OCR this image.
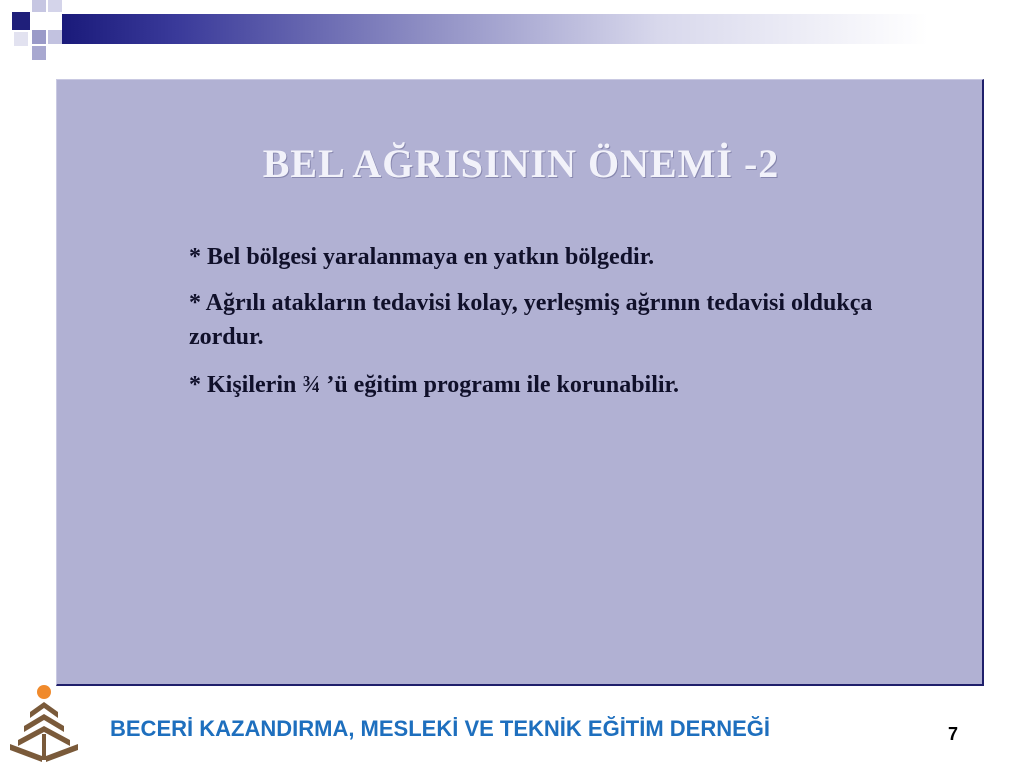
BEL AĞRISININ ÖNEMİ -2
* Bel bölgesi yaralanmaya en yatkın bölgedir.
* Ağrılı atakların tedavisi kolay, yerleşmiş ağrının tedavisi oldukça zordur.
* Kişilerin ¾ ’ü eğitim programı ile korunabilir.
BECERİ KAZANDIRMA, MESLEKİ VE TEKNİK EĞİTİM DERNEĞİ	7
